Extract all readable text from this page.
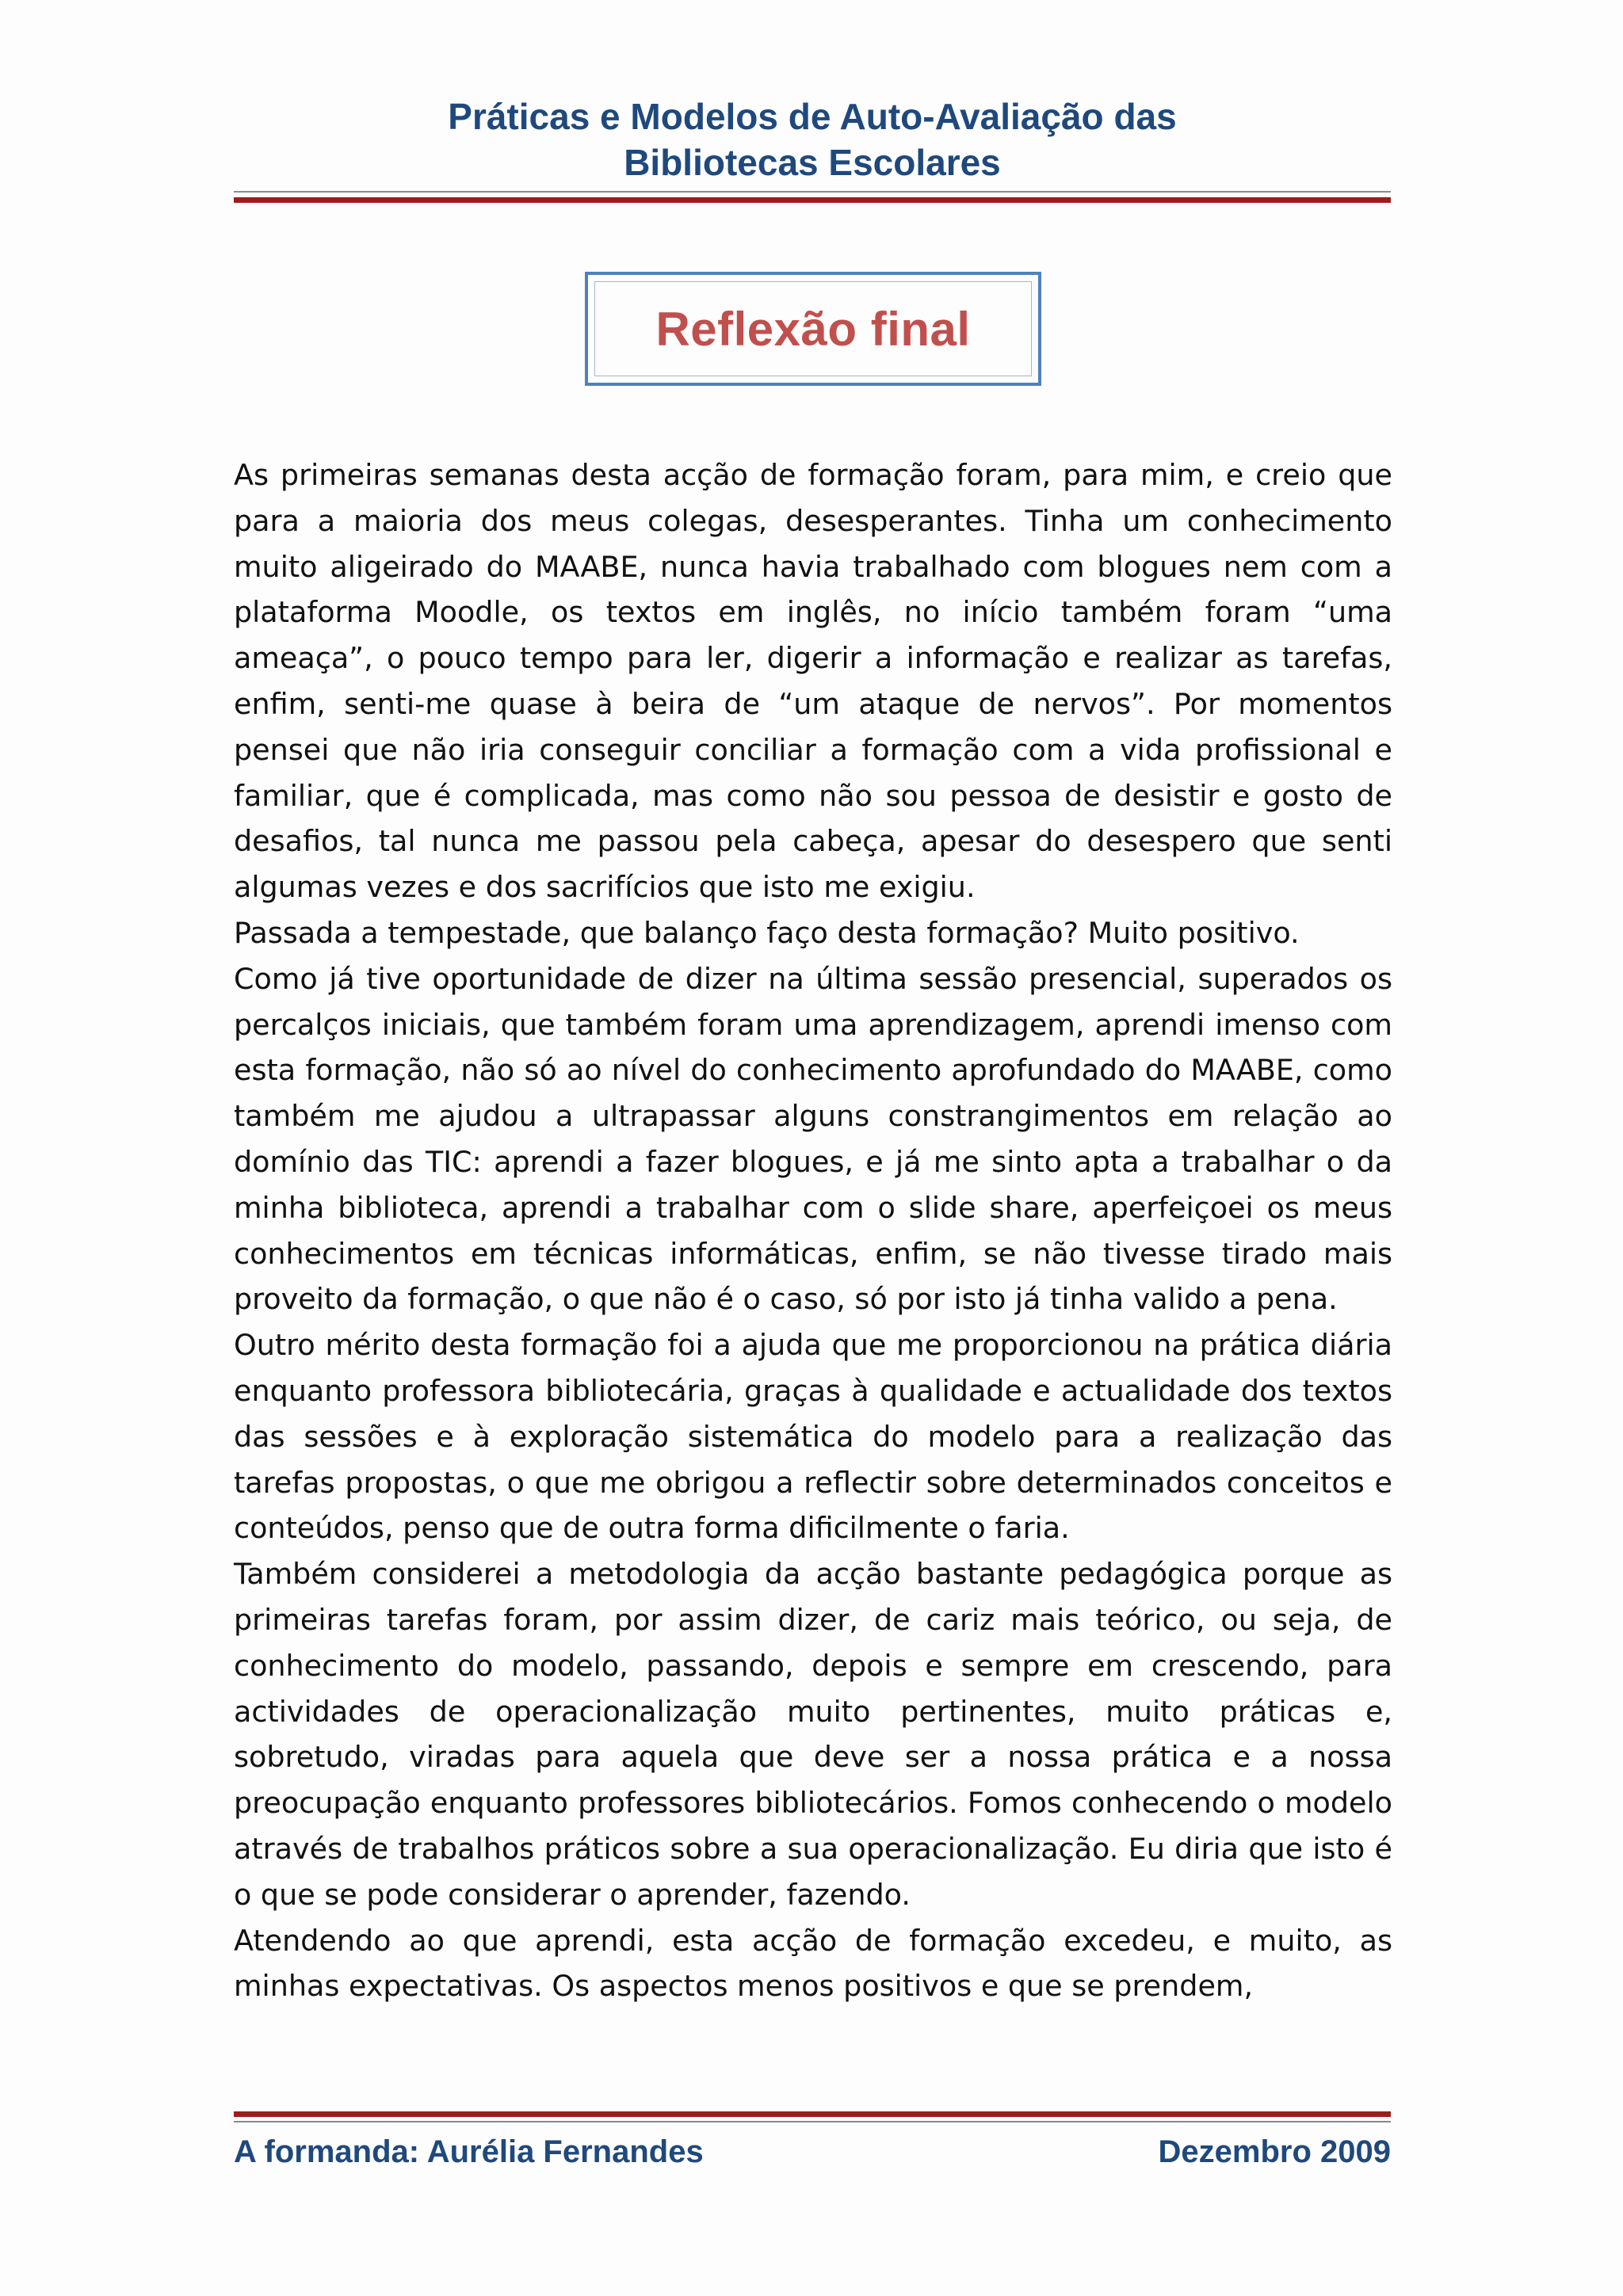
Práticas e Modelos de Auto-Avaliação das
Bibliotecas Escolares
Reflexão final

As primeiras semanas desta acção de formação foram, para mim, e creio que para a maioria dos meus colegas, desesperantes. Tinha um conhecimento muito aligeirado do MAABE, nunca havia trabalhado com blogues nem com a plataforma Moodle, os textos em inglês, no início também foram “uma ameaça”, o pouco tempo para ler, digerir a informação e realizar as tarefas, enfim, senti-me quase à beira de “um ataque de nervos”. Por momentos pensei que não iria conseguir conciliar a formação com a vida profissional e familiar, que é complicada, mas como não sou pessoa de desistir e gosto de desafios, tal nunca me passou pela cabeça, apesar do desespero que senti algumas vezes e dos sacrifícios que isto me exigiu.

Passada a tempestade, que balanço faço desta formação? Muito positivo.

Como já tive oportunidade de dizer na última sessão presencial, superados os percalços iniciais, que também foram uma aprendizagem, aprendi imenso com esta formação, não só ao nível do conhecimento aprofundado do MAABE, como também me ajudou a ultrapassar alguns constrangimentos em relação ao domínio das TIC: aprendi a fazer blogues, e já me sinto apta a trabalhar o da minha biblioteca, aprendi a trabalhar com o slide share, aperfeiçoei os meus conhecimentos em técnicas informáticas, enfim, se não tivesse tirado mais proveito da formação, o que não é o caso, só por isto já tinha valido a pena.

Outro mérito desta formação foi a ajuda que me proporcionou na prática diária enquanto professora bibliotecária, graças à qualidade e actualidade dos textos das sessões e à exploração sistemática do modelo para a realização das tarefas propostas, o que me obrigou a reflectir sobre determinados conceitos e conteúdos, penso que de outra forma dificilmente o faria.

Também considerei a metodologia da acção bastante pedagógica porque as primeiras tarefas foram, por assim dizer, de cariz mais teórico, ou seja, de conhecimento do modelo, passando, depois e sempre em crescendo, para actividades de operacionalização muito pertinentes, muito práticas e, sobretudo, viradas para aquela que deve ser a nossa prática e a nossa preocupação enquanto professores bibliotecários. Fomos conhecendo o modelo através de trabalhos práticos sobre a sua operacionalização. Eu diria que isto é o que se pode considerar o aprender, fazendo.

Atendendo ao que aprendi, esta acção de formação excedeu, e muito, as minhas expectativas. Os aspectos menos positivos e que se prendem,

A formanda: Aurélia Fernandes	Dezembro 2009
